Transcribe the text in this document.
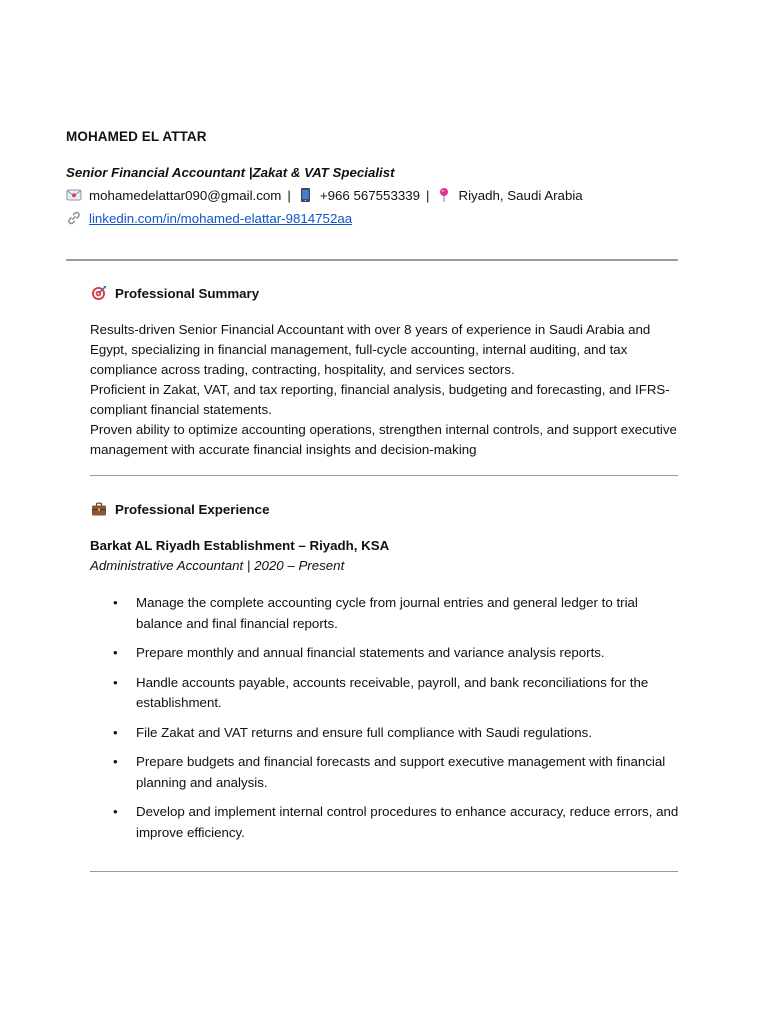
MOHAMED EL ATTAR
Senior Financial Accountant |Zakat & VAT Specialist
mohamedelattar090@gmail.com | +966 567553339 | Riyadh, Saudi Arabia
linkedin.com/in/mohamed-elattar-9814752aa
Professional Summary

Results-driven Senior Financial Accountant with over 8 years of experience in Saudi Arabia and Egypt, specializing in financial management, full-cycle accounting, internal auditing, and tax compliance across trading, contracting, hospitality, and services sectors.

Proficient in Zakat, VAT, and tax reporting, financial analysis, budgeting and forecasting, and IFRS-compliant financial statements.

Proven ability to optimize accounting operations, strengthen internal controls, and support executive management with accurate financial insights and decision-making

Professional Experience
Barkat AL Riyadh Establishment – Riyadh, KSA
Administrative Accountant | 2020 – Present
• Manage the complete accounting cycle from journal entries and general ledger to trial balance and final financial reports.
• Prepare monthly and annual financial statements and variance analysis reports.
• Handle accounts payable, accounts receivable, payroll, and bank reconciliations for the establishment.
• File Zakat and VAT returns and ensure full compliance with Saudi regulations.
• Prepare budgets and financial forecasts and support executive management with financial planning and analysis.
• Develop and implement internal control procedures to enhance accuracy, reduce errors, and improve efficiency.
